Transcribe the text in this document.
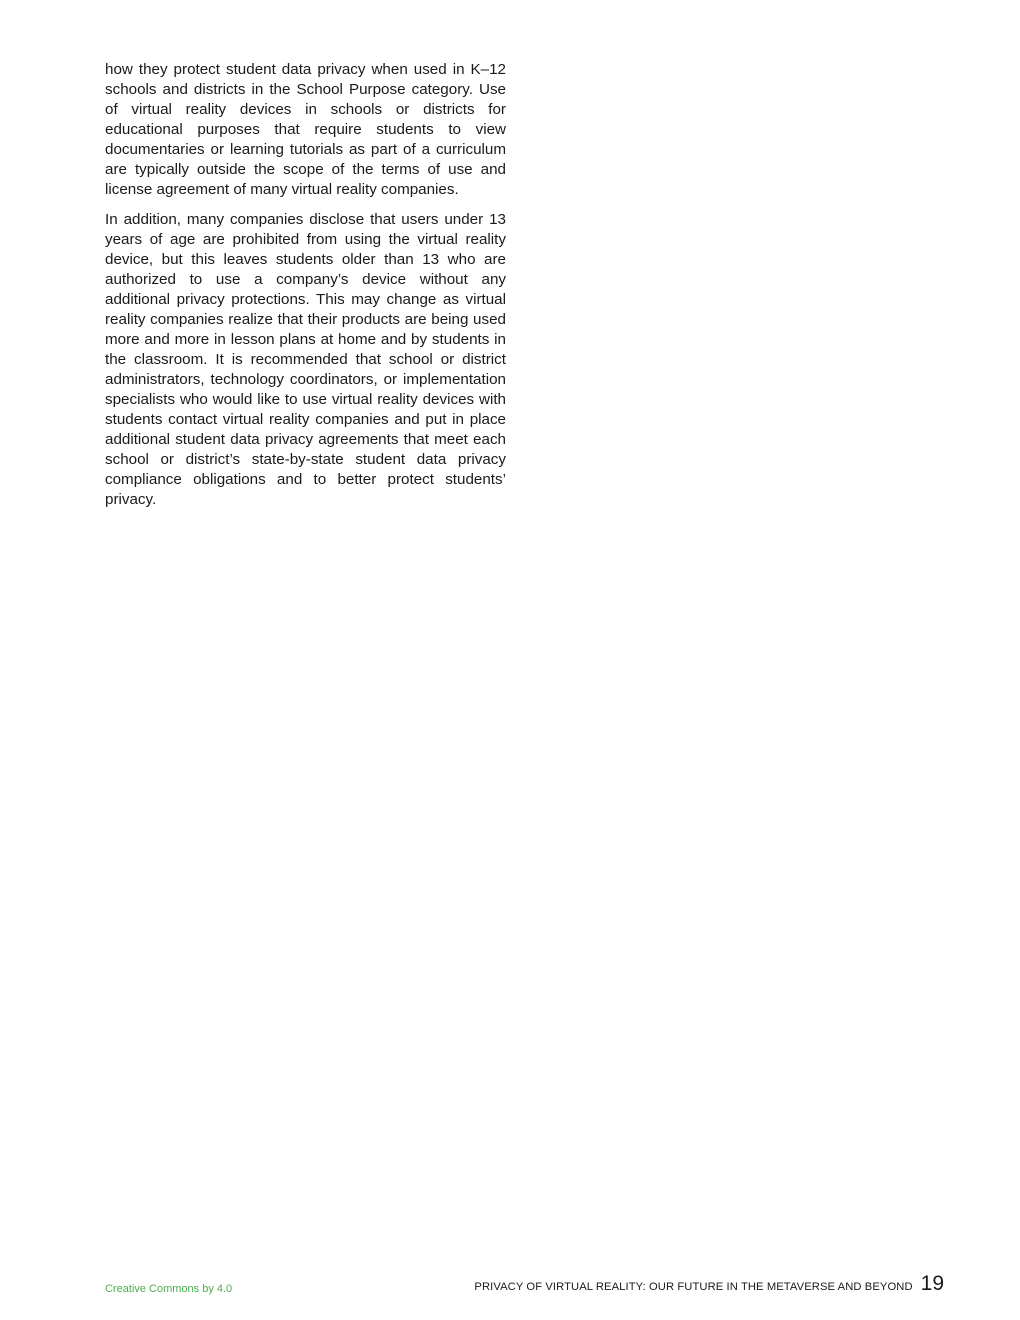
how they protect student data privacy when used in K–12 schools and districts in the School Purpose category. Use of virtual reality devices in schools or districts for educational purposes that require students to view documentaries or learning tutorials as part of a curriculum are typically outside the scope of the terms of use and license agreement of many virtual reality companies.

In addition, many companies disclose that users under 13 years of age are prohibited from using the virtual reality device, but this leaves students older than 13 who are authorized to use a company’s device without any additional privacy protections. This may change as virtual reality companies realize that their products are being used more and more in lesson plans at home and by students in the classroom. It is recommended that school or district administrators, technology coordinators, or implementation specialists who would like to use virtual reality devices with students contact virtual reality companies and put in place additional student data privacy agreements that meet each school or district’s state-by-state student data privacy compliance obligations and to better protect students’ privacy.

Creative Commons by 4.0	PRIVACY OF VIRTUAL REALITY: OUR FUTURE IN THE METAVERSE AND BEYOND 19
